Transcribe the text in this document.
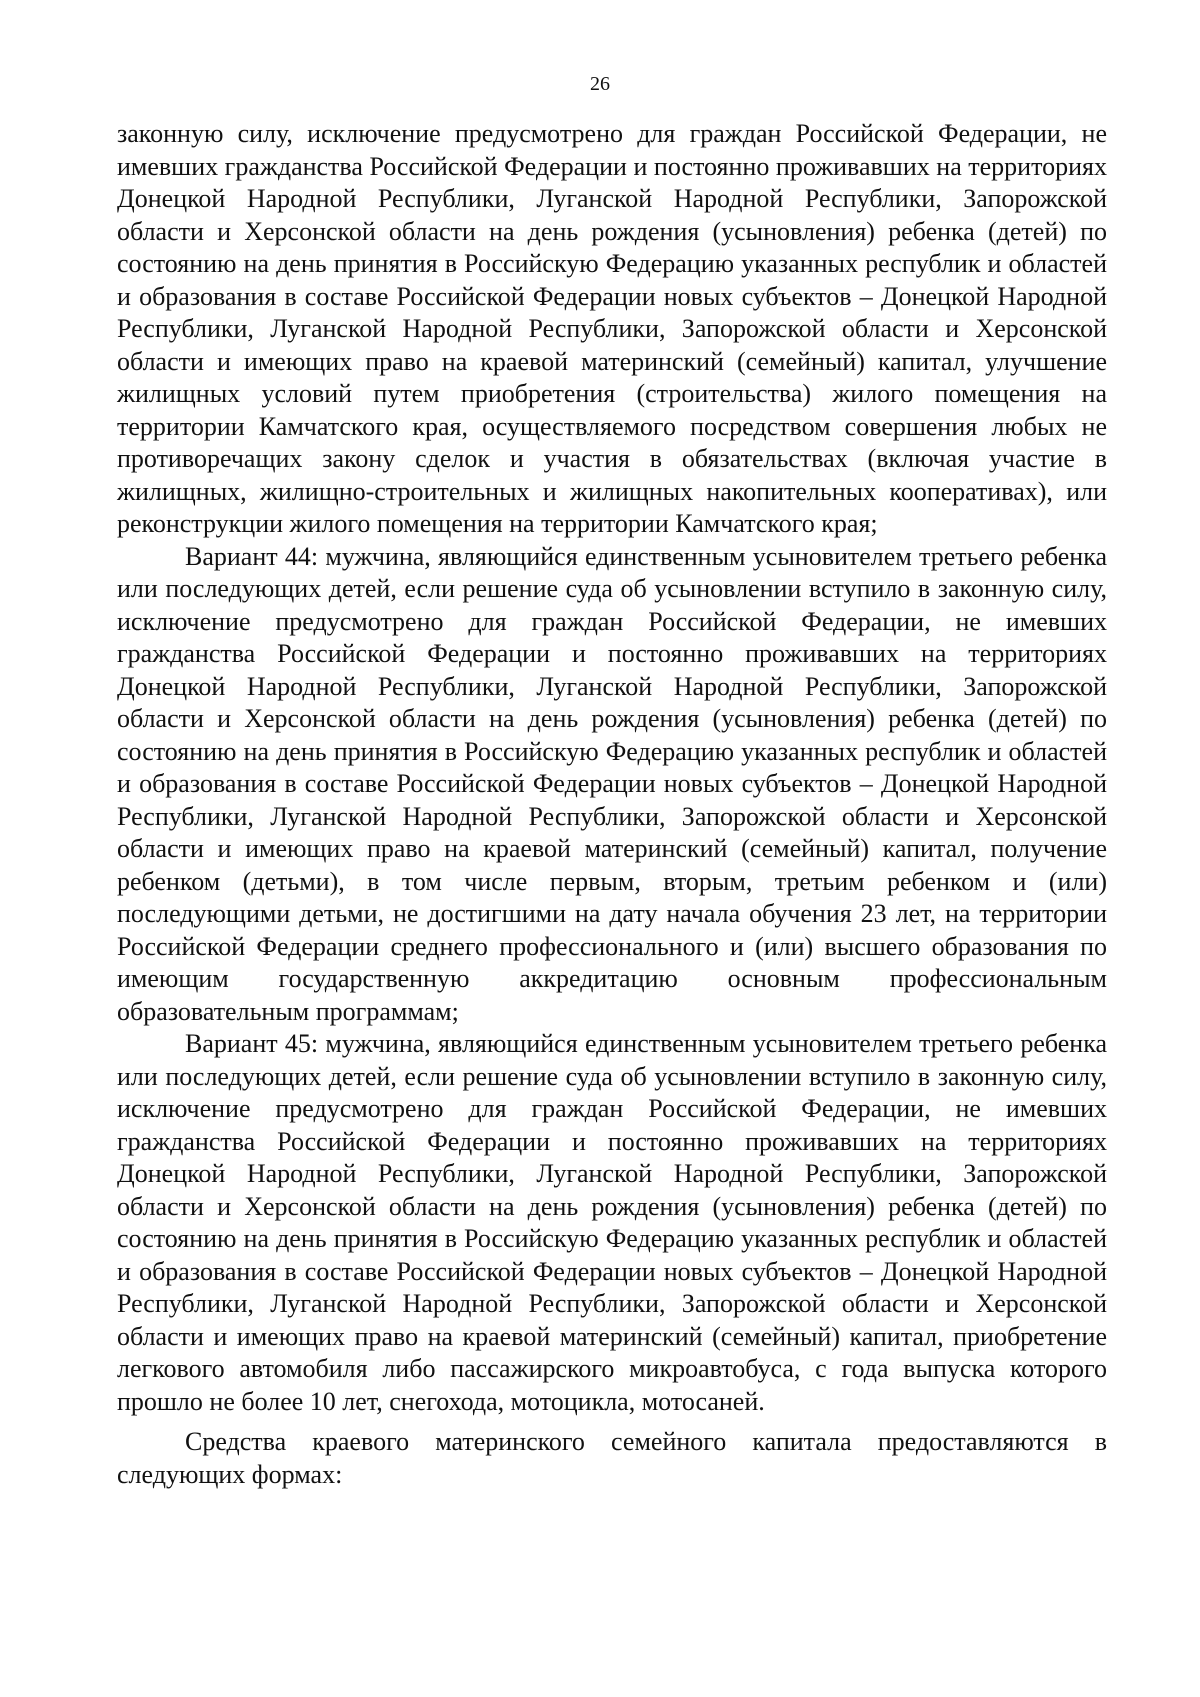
26

законную силу, исключение предусмотрено для граждан Российской Федерации, не имевших гражданства Российской Федерации и постоянно проживавших на территориях Донецкой Народной Республики, Луганской Народной Республики, Запорожской области и Херсонской области на день рождения (усыновления) ребенка (детей) по состоянию на день принятия в Российскую Федерацию указанных республик и областей и образования в составе Российской Федерации новых субъектов – Донецкой Народной Республики, Луганской Народной Республики, Запорожской области и Херсонской области и имеющих право на краевой материнский (семейный) капитал, улучшение жилищных условий путем приобретения (строительства) жилого помещения на территории Камчатского края, осуществляемого посредством совершения любых не противоречащих закону сделок и участия в обязательствах (включая участие в жилищных, жилищно-строительных и жилищных накопительных кооперативах), или реконструкции жилого помещения на территории Камчатского края;

Вариант 44: мужчина, являющийся единственным усыновителем третьего ребенка или последующих детей, если решение суда об усыновлении вступило в законную силу, исключение предусмотрено для граждан Российской Федерации, не имевших гражданства Российской Федерации и постоянно проживавших на территориях Донецкой Народной Республики, Луганской Народной Республики, Запорожской области и Херсонской области на день рождения (усыновления) ребенка (детей) по состоянию на день принятия в Российскую Федерацию указанных республик и областей и образования в составе Российской Федерации новых субъектов – Донецкой Народной Республики, Луганской Народной Республики, Запорожской области и Херсонской области и имеющих право на краевой материнский (семейный) капитал, получение ребенком (детьми), в том числе первым, вторым, третьим ребенком и (или) последующими детьми, не достигшими на дату начала обучения 23 лет, на территории Российской Федерации среднего профессионального и (или) высшего образования по имеющим государственную аккредитацию основным профессиональным образовательным программам;

Вариант 45: мужчина, являющийся единственным усыновителем третьего ребенка или последующих детей, если решение суда об усыновлении вступило в законную силу, исключение предусмотрено для граждан Российской Федерации, не имевших гражданства Российской Федерации и постоянно проживавших на территориях Донецкой Народной Республики, Луганской Народной Республики, Запорожской области и Херсонской области на день рождения (усыновления) ребенка (детей) по состоянию на день принятия в Российскую Федерацию указанных республик и областей и образования в составе Российской Федерации новых субъектов – Донецкой Народной Республики, Луганской Народной Республики, Запорожской области и Херсонской области и имеющих право на краевой материнский (семейный) капитал, приобретение легкового автомобиля либо пассажирского микроавтобуса, с года выпуска которого прошло не более 10 лет, снегохода, мотоцикла, мотосаней.

Средства краевого материнского семейного капитала предоставляются в следующих формах:
